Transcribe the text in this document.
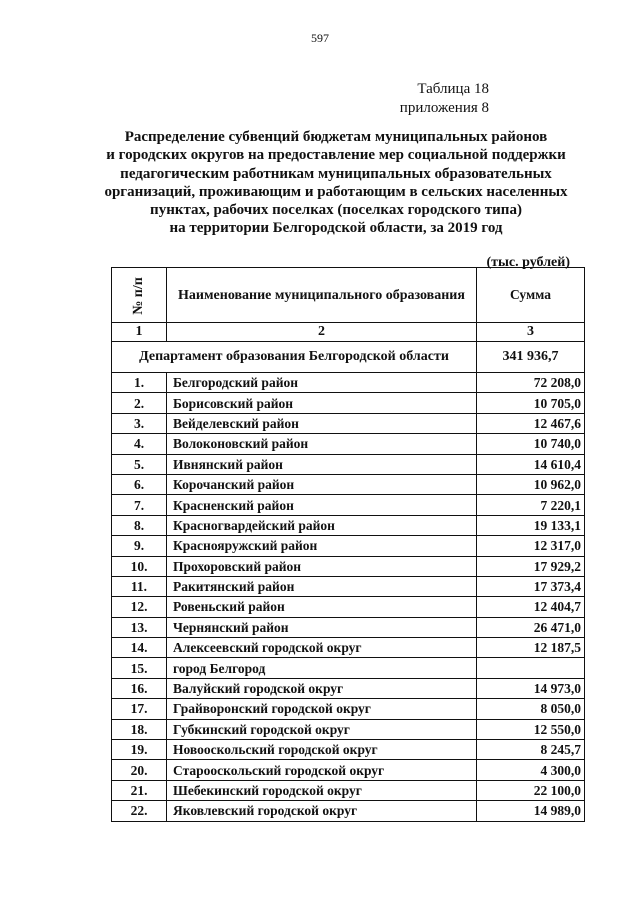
597
Таблица 18
приложения 8
Распределение субвенций бюджетам муниципальных районов
и городских округов на предоставление мер социальной поддержки
педагогическим работникам муниципальных образовательных
организаций, проживающим и работающим в сельских населенных
пунктах, рабочих поселках (поселках городского типа)
на территории Белгородской области, за 2019 год
(тыс. рублей)
№ п/п	Наименование муниципального образования	Сумма
1	2	3
Департамент образования Белгородской области		341 936,7
1.	Белгородский район	72 208,0
2.	Борисовский район	10 705,0
3.	Вейделевский район	12 467,6
4.	Волоконовский район	10 740,0
5.	Ивнянский район	14 610,4
6.	Корочанский район	10 962,0
7.	Красненский район	7 220,1
8.	Красногвардейский район	19 133,1
9.	Краснояружский район	12 317,0
10.	Прохоровский район	17 929,2
11.	Ракитянский район	17 373,4
12.	Ровеньский район	12 404,7
13.	Чернянский район	26 471,0
14.	Алексеевский городской округ	12 187,5
15.	город Белгород	
16.	Валуйский городской округ	14 973,0
17.	Грайворонский городской округ	8 050,0
18.	Губкинский городской округ	12 550,0
19.	Новооскольский городской округ	8 245,7
20.	Старооскольский городской округ	4 300,0
21.	Шебекинский городской округ	22 100,0
22.	Яковлевский городской округ	14 989,0
